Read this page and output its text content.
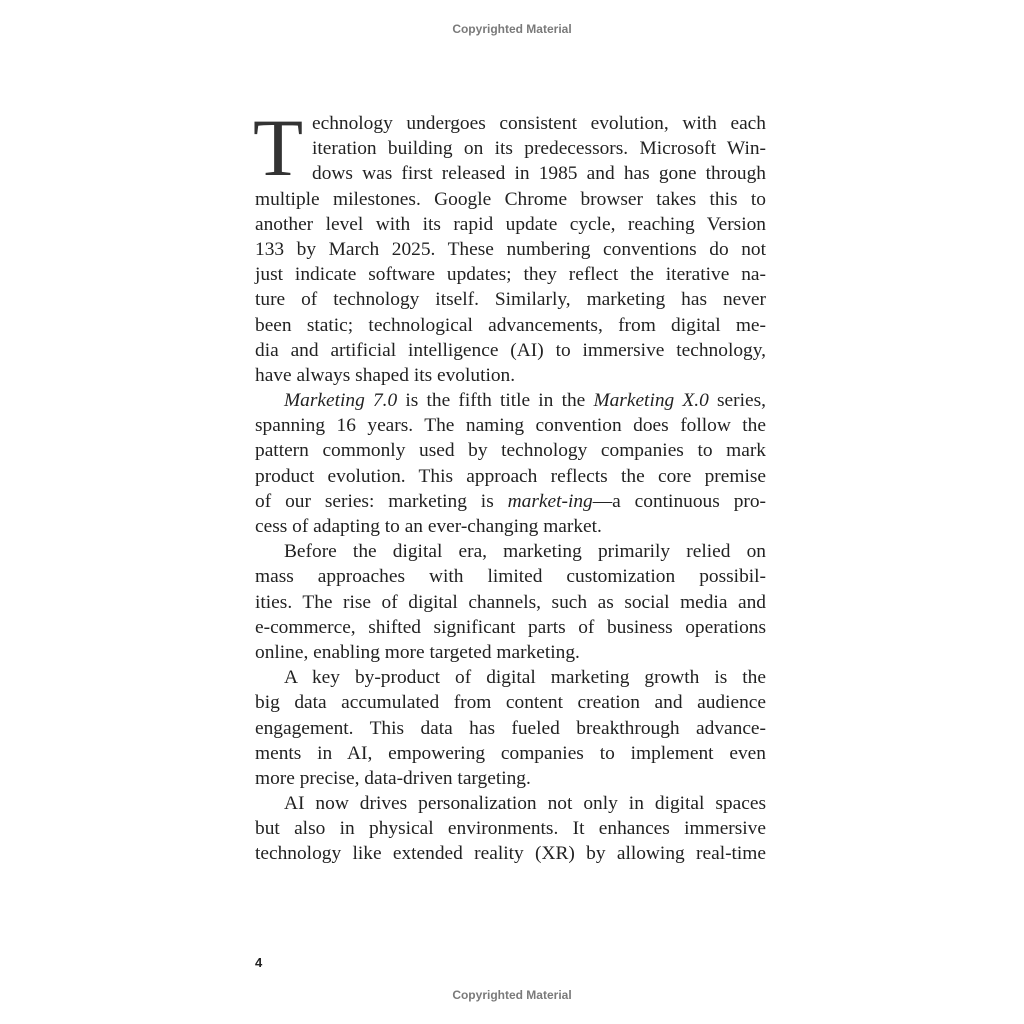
Copyrighted Material
T echnology undergoes consistent evolution, with each
iteration building on its predecessors. Microsoft Win-
dows was first released in 1985 and has gone through
multiple milestones. Google Chrome browser takes this to
another level with its rapid update cycle, reaching Version
133 by March 2025. These numbering conventions do not
just indicate software updates; they reflect the iterative na-
ture of technology itself. Similarly, marketing has never
been static; technological advancements, from digital me-
dia and artificial intelligence (AI) to immersive technology,
have always shaped its evolution.
Marketing 7.0 is the fifth title in the Marketing X.0 series,
spanning 16 years. The naming convention does follow the
pattern commonly used by technology companies to mark
product evolution. This approach reflects the core premise
of our series: marketing is market-ing—a continuous pro-
cess of adapting to an ever-changing market.
Before the digital era, marketing primarily relied on
mass approaches with limited customization possibil-
ities. The rise of digital channels, such as social media and
e-commerce, shifted significant parts of business operations
online, enabling more targeted marketing.
A key by-product of digital marketing growth is the
big data accumulated from content creation and audience
engagement. This data has fueled breakthrough advance-
ments in AI, empowering companies to implement even
more precise, data-driven targeting.
AI now drives personalization not only in digital spaces
but also in physical environments. It enhances immersive
technology like extended reality (XR) by allowing real-time
4
Copyrighted Material
